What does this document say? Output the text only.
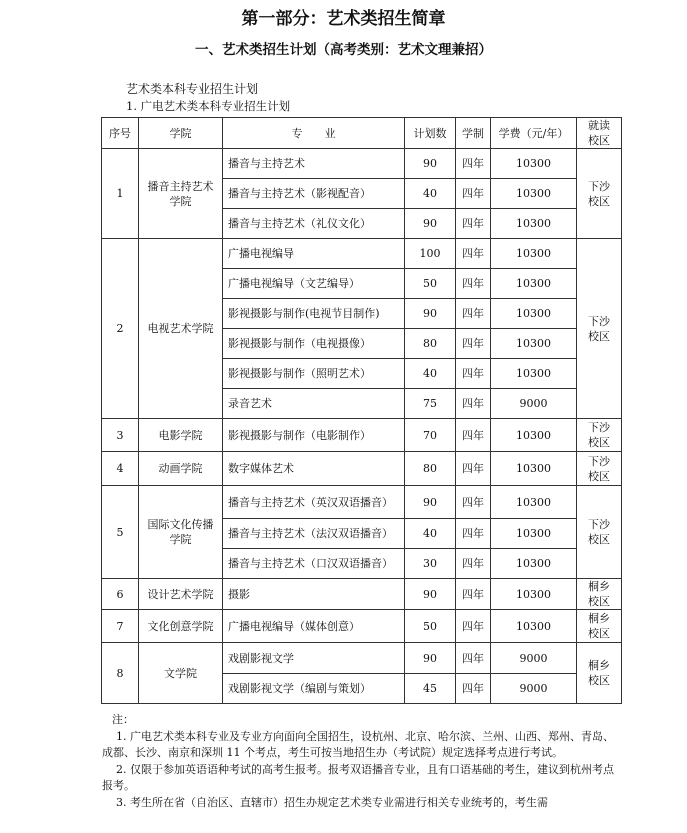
第一部分：艺术类招生简章
一、艺术类招生计划（高考类别：艺术文理兼招）
艺术类本科专业招生计划
1. 广电艺术类本科专业招生计划
序号	学院	专　　业	计划数	学制	学费（元/年）	就读校区
1	播音主持艺术学院	播音与主持艺术	90	四年	10300	下沙校区
		播音与主持艺术（影视配音）	40	四年	10300	
		播音与主持艺术（礼仪文化）	90	四年	10300	
2	电视艺术学院	广播电视编导	100	四年	10300	下沙校区
		广播电视编导（文艺编导）	50	四年	10300	
		影视摄影与制作(电视节目制作)	90	四年	10300	
		影视摄影与制作（电视摄像）	80	四年	10300	
		影视摄影与制作（照明艺术）	40	四年	10300	
		录音艺术	75	四年	9000	
3	电影学院	影视摄影与制作（电影制作）	70	四年	10300	下沙校区
4	动画学院	数字媒体艺术	80	四年	10300	下沙校区
5	国际文化传播学院	播音与主持艺术（英汉双语播音）	90	四年	10300	下沙校区
		播音与主持艺术（法汉双语播音）	40	四年	10300	
		播音与主持艺术（口汉双语播音）	30	四年	10300	
6	设计艺术学院	摄影	90	四年	10300	桐乡校区
7	文化创意学院	广播电视编导（媒体创意）	50	四年	10300	桐乡校区
8	文学院	戏剧影视文学	90	四年	9000	桐乡校区
		戏剧影视文学（编剧与策划）	45	四年	9000	

注：

1. 广电艺术类本科专业及专业方向面向全国招生，设杭州、北京、哈尔滨、兰州、山西、郑州、青岛、成都、长沙、南京和深圳 11 个考点，考生可按当地招生办（考试院）规定选择考点进行考试。

2. 仅限于参加英语语种考试的高考生报考。报考双语播音专业，且有口语基础的考生，建议到杭州考点报考。

3. 考生所在省（自治区、直辖市）招生办规定艺术类专业需进行相关专业统考的，考生需
